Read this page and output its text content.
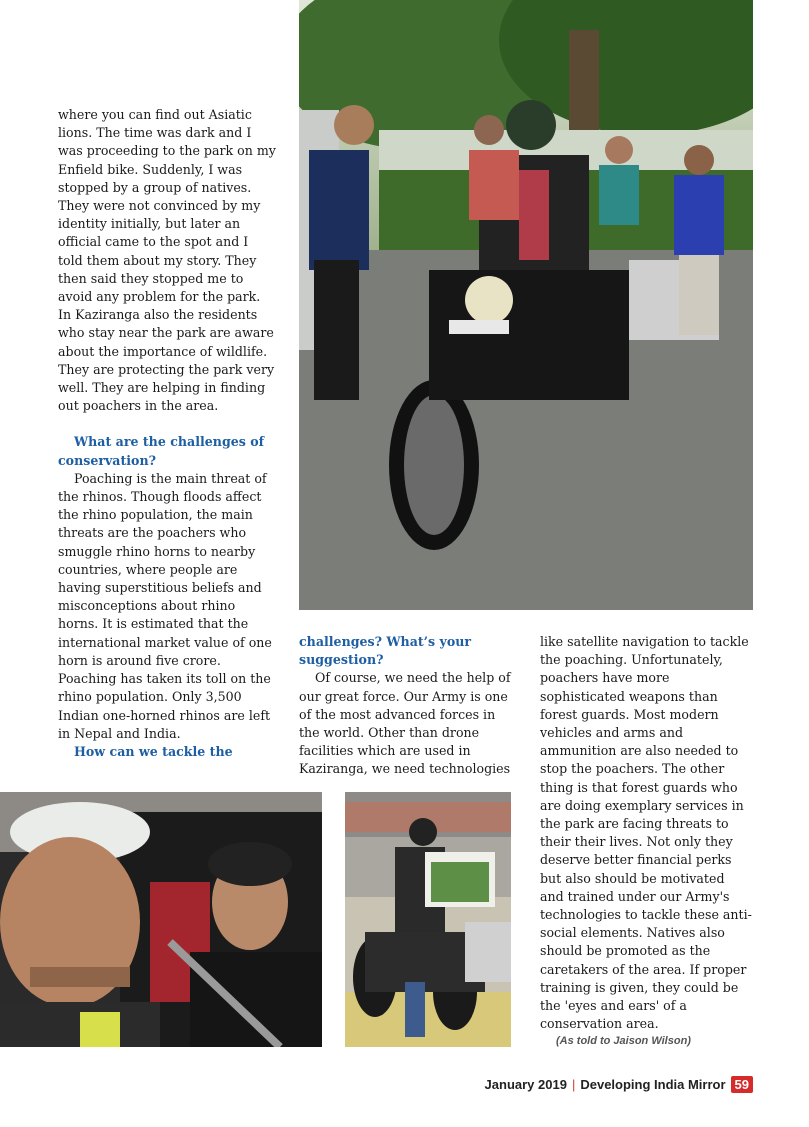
where you can find out Asiatic lions. The time was dark and I was proceeding to the park on my Enfield bike. Suddenly, I was stopped by a group of natives. They were not convinced by my identity initially, but later an official came to the spot and I told them about my story. They then said they stopped me to avoid any problem for the park. In Kaziranga also the residents who stay near the park are aware about the importance of wildlife. They are protecting the park very well. They are helping in finding out poachers in the area.

What are the challenges of conservation?

Poaching is the main threat of the rhinos. Though floods affect the rhino population, the main threats are the poachers who smuggle rhino horns to nearby countries, where people are having superstitious beliefs and misconceptions about rhino horns. It is estimated that the international market value of one horn is around five crore. Poaching has taken its toll on the rhino population. Only 3,500 Indian one-horned rhinos are left in Nepal and India.

How can we tackle the

challenges? What’s your suggestion?

Of course, we need the help of our great force. Our Army is one of the most advanced forces in the world. Other than drone facilities which are used in Kaziranga, we need technologies

like satellite navigation to tackle the poaching. Unfortunately, poachers have more sophisticated weapons than forest guards. Most modern vehicles and arms and ammunition are also needed to stop the poachers. The other thing is that forest guards who are doing exemplary services in the park are facing threats to their their lives. Not only they deserve better financial perks but also should be motivated and trained under our Army's technologies to tackle these anti-social elements. Natives also should be promoted as the caretakers of the area. If proper training is given, they could be the 'eyes and ears' of a conservation area.

(As told to Jaison Wilson)
January 2019 | Developing India Mirror 59
